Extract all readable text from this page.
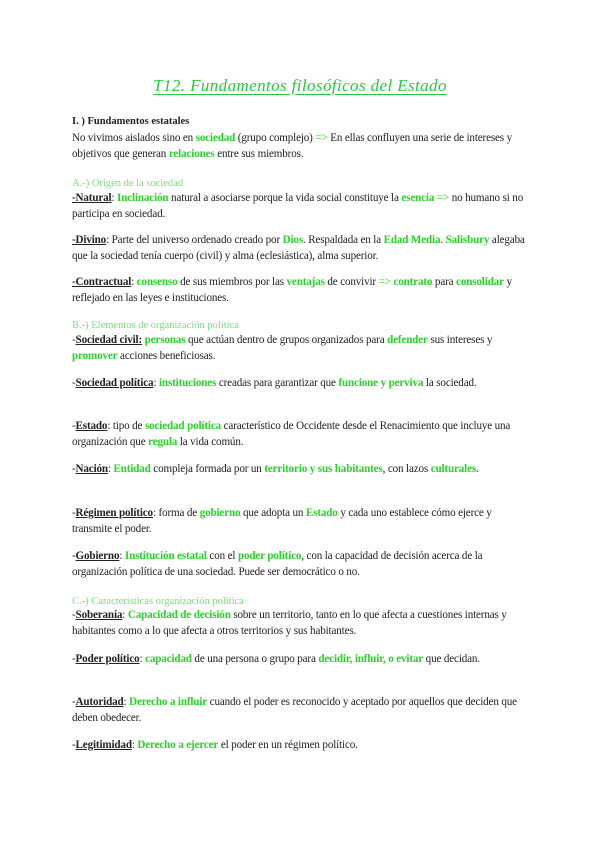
T12. Fundamentos filosóficos del Estado
I. ) Fundamentos estatales
No vivimos aislados sino en sociedad (grupo complejo) => En ellas confluyen una serie de intereses y objetivos que generan relaciones entre sus miembros.
A.-) Origen de la sociedad
-Natural: Inclinación natural a asociarse porque la vida social constituye la esencia => no humano si no participa en sociedad.
-Divino: Parte del universo ordenado creado por Dios. Respaldada en la Edad Media. Salisbury alegaba que la sociedad tenía cuerpo (civil) y alma (eclesiástica), alma superior.
-Contractual: consenso de sus miembros por las ventajas de convivir => contrato para consolidar y reflejado en las leyes e instituciones.
B.-) Elementos de organización política
-Sociedad civil: personas que actúan dentro de grupos organizados para defender sus intereses y promover acciones beneficiosas.
-Sociedad política: instituciones creadas para garantizar que funcione y perviva la sociedad.
-Estado: tipo de sociedad política característico de Occidente desde el Renacimiento que incluye una organización que regula la vida común.
-Nación: Entidad compleja formada por un territorio y sus habitantes, con lazos culturales.
-Régimen político: forma de gobierno que adopta un Estado y cada uno establece cómo ejerce y transmite el poder.
-Gobierno: Institución estatal con el poder político, con la capacidad de decisión acerca de la organización política de una sociedad. Puede ser democrático o no.
C.-) Características organización política
-Soberanía: Capacidad de decisión sobre un territorio, tanto en lo que afecta a cuestiones internas y habitantes como a lo que afecta a otros territorios y sus habitantes.
-Poder político: capacidad de una persona o grupo para decidir, influir, o evitar que decidan.
-Autoridad: Derecho a influir cuando el poder es reconocido y aceptado por aquellos que deciden que deben obedecer.
-Legitimidad: Derecho a ejercer el poder en un régimen político.
